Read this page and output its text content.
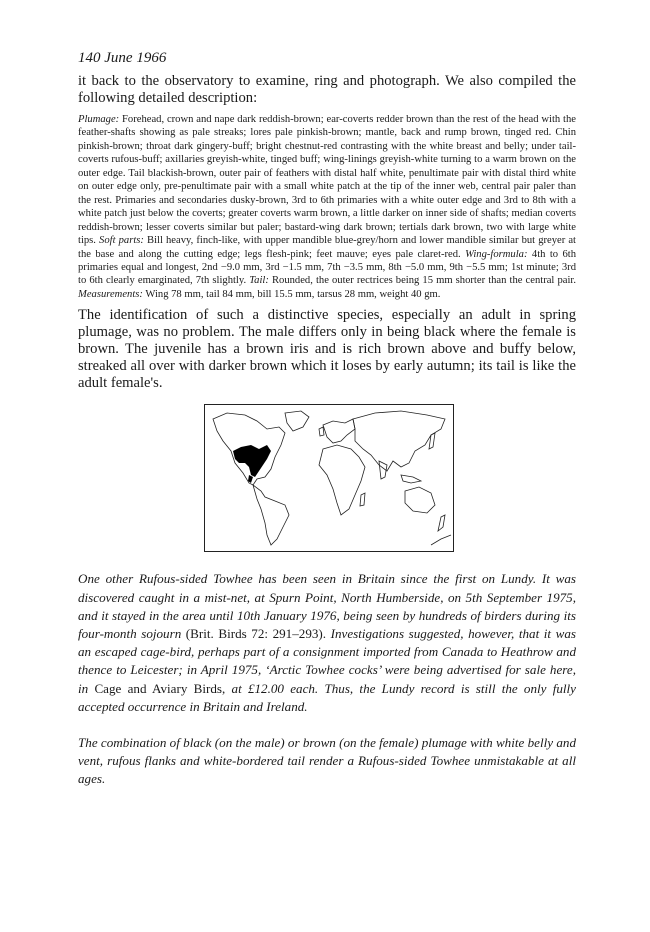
140 June 1966

it back to the observatory to examine, ring and photograph. We also compiled the following detailed description:

Plumage: Forehead, crown and nape dark reddish-brown; ear-coverts redder brown than the rest of the head with the feather-shafts showing as pale streaks; lores pale pinkish-brown; mantle, back and rump brown, tinged red. Chin pinkish-brown; throat dark gingery-buff; bright chestnut-red contrasting with the white breast and belly; under tail-coverts rufous-buff; axillaries greyish-white, tinged buff; wing-linings greyish-white turning to a warm brown on the outer edge. Tail blackish-brown, outer pair of feathers with distal half white, penultimate pair with distal third white on outer edge only, pre-penultimate pair with a small white patch at the tip of the inner web, central pair paler than the rest. Primaries and secondaries dusky-brown, 3rd to 6th primaries with a white outer edge and 3rd to 8th with a white patch just below the coverts; greater coverts warm brown, a little darker on inner side of shafts; median coverts reddish-brown; lesser coverts similar but paler; bastard-wing dark brown; tertials dark brown, two with large white tips. Soft parts: Bill heavy, finch-like, with upper mandible blue-grey/horn and lower mandible similar but greyer at the base and along the cutting edge; legs flesh-pink; feet mauve; eyes pale claret-red. Wing-formula: 4th to 6th primaries equal and longest, 2nd −9.0 mm, 3rd −1.5 mm, 7th −3.5 mm, 8th −5.0 mm, 9th −5.5 mm; 1st minute; 3rd to 6th clearly emarginated, 7th slightly. Tail: Rounded, the outer rectrices being 15 mm shorter than the central pair. Measurements: Wing 78 mm, tail 84 mm, bill 15.5 mm, tarsus 28 mm, weight 40 gm.

The identification of such a distinctive species, especially an adult in spring plumage, was no problem. The male differs only in being black where the female is brown. The juvenile has a brown iris and is rich brown above and buffy below, streaked all over with darker brown which it loses by early autumn; its tail is like the adult female's.

One other Rufous-sided Towhee has been seen in Britain since the first on Lundy. It was discovered caught in a mist-net, at Spurn Point, North Humberside, on 5th September 1975, and it stayed in the area until 10th January 1976, being seen by hundreds of birders during its four-month sojourn (Brit. Birds 72: 291–293). Investigations suggested, however, that it was an escaped cage-bird, perhaps part of a consignment imported from Canada to Heathrow and thence to Leicester; in April 1975, ‘Arctic Towhee cocks’ were being advertised for sale here, in Cage and Aviary Birds, at £12.00 each. Thus, the Lundy record is still the only fully accepted occurrence in Britain and Ireland.

The combination of black (on the male) or brown (on the female) plumage with white belly and vent, rufous flanks and white-bordered tail render a Rufous-sided Towhee unmistakable at all ages.
